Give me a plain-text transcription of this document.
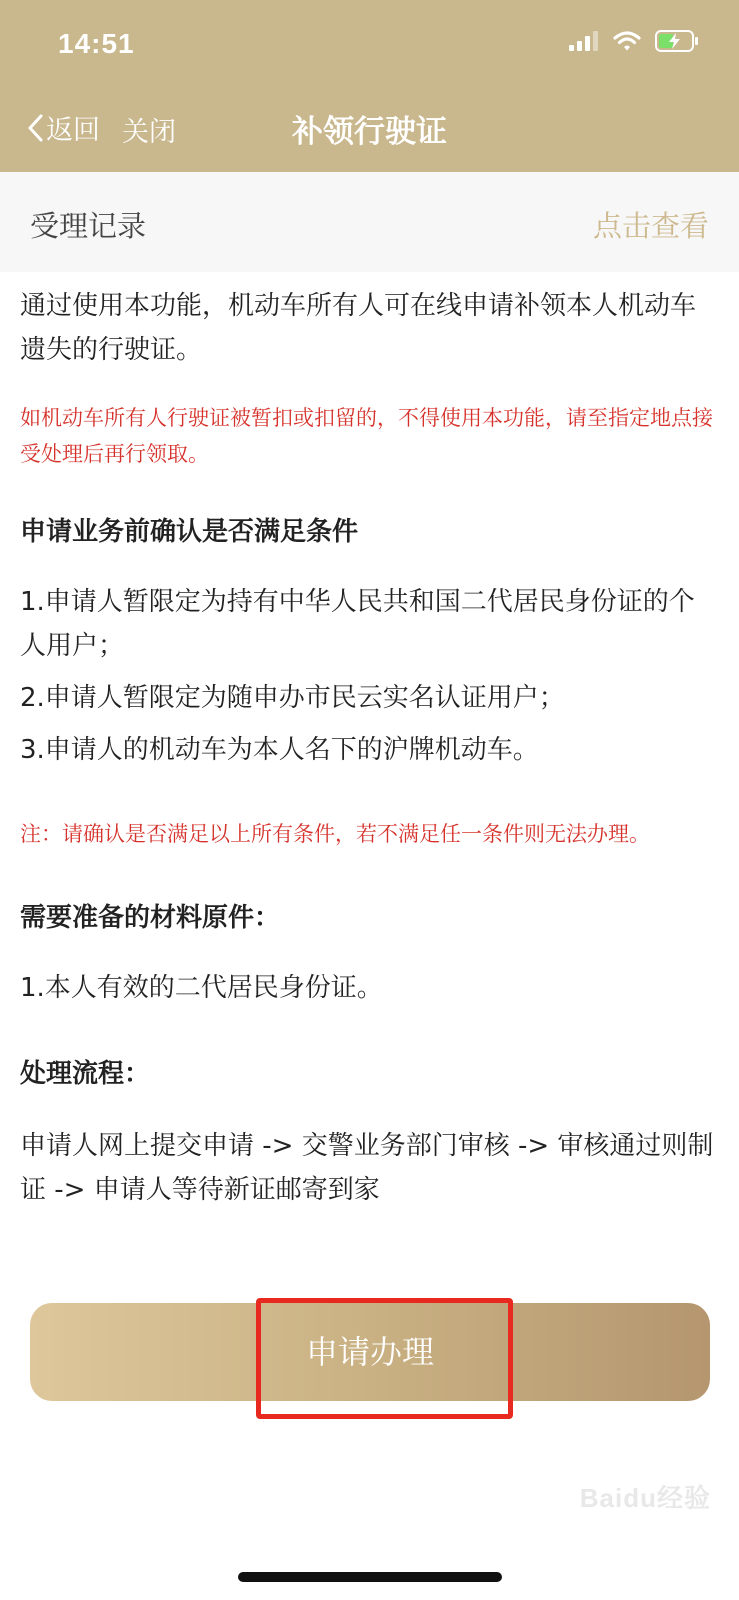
14:51
返回 关闭	补领行驶证
受理记录	点击查看

通过使用本功能，机动车所有人可在线申请补领本人机动车遗失的行驶证。

如机动车所有人行驶证被暂扣或扣留的，不得使用本功能，请至指定地点接受处理后再行领取。

申请业务前确认是否满足条件

1.申请人暂限定为持有中华人民共和国二代居民身份证的个人用户；

2.申请人暂限定为随申办市民云实名认证用户；

3.申请人的机动车为本人名下的沪牌机动车。

注：请确认是否满足以上所有条件，若不满足任一条件则无法办理。

需要准备的材料原件：

1.本人有效的二代居民身份证。

处理流程：

申请人网上提交申请 -> 交警业务部门审核 -> 审核通过则制证 -> 申请人等待新证邮寄到家

申请办理
Baidu经验
